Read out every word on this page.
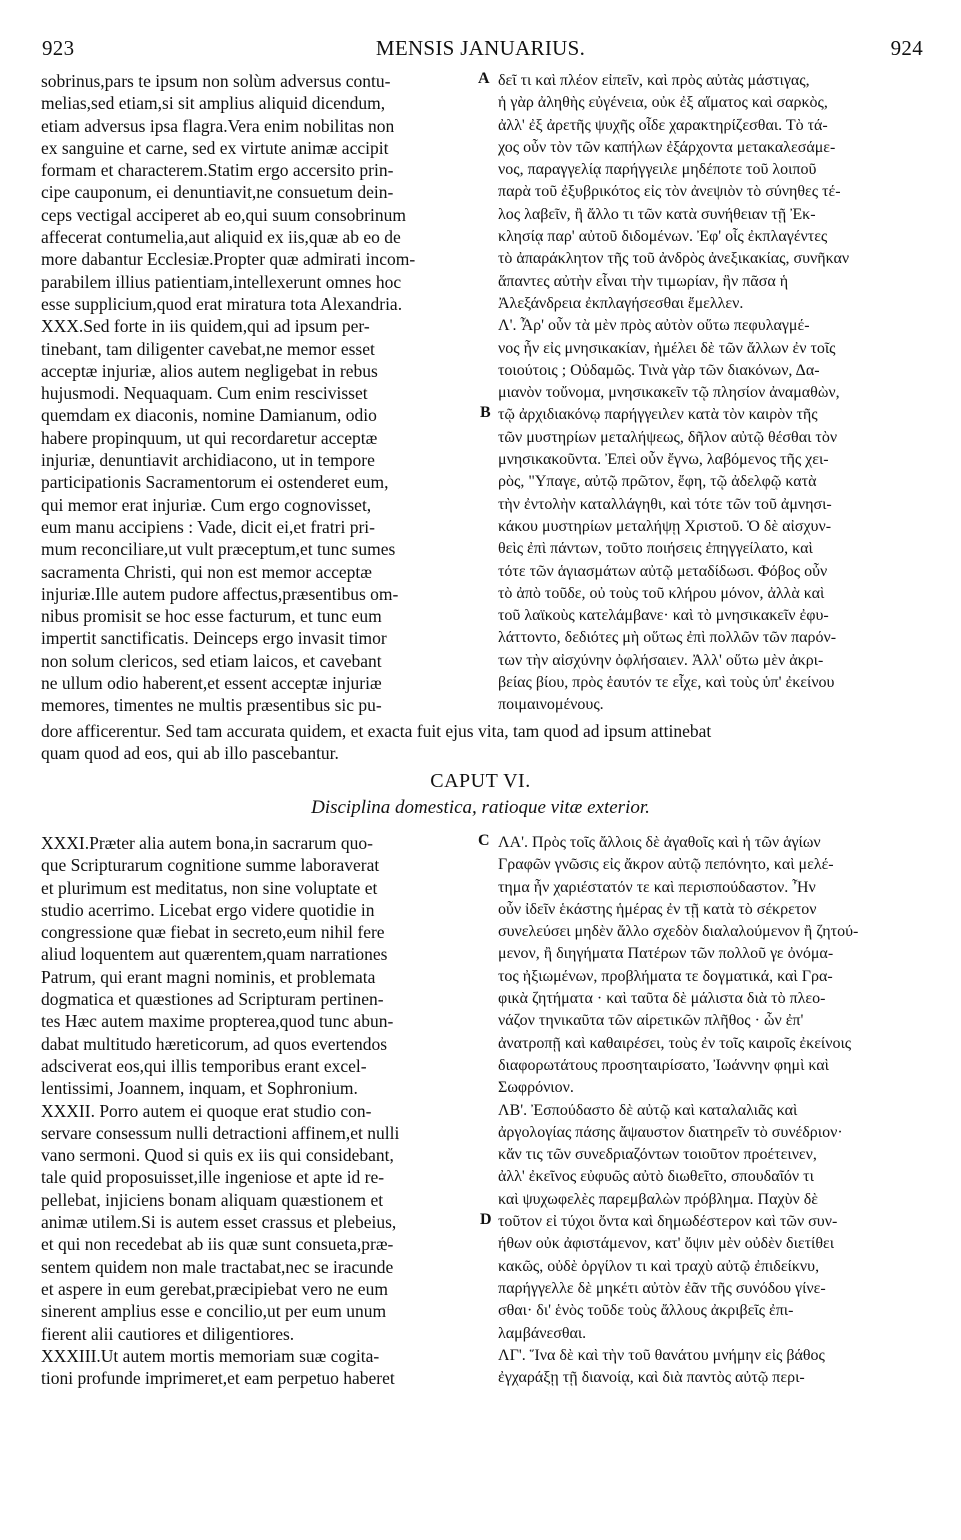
923	MENSIS JANUARIUS.	924
sobrinus,pars te ipsum non solùm adversus contu-
melias,sed etiam,si sit amplius aliquid dicendum,
etiam adversus ipsa flagra.Vera enim nobilitas non
ex sanguine et carne, sed ex virtute animæ accipit
formam et characterem.Statim ergo accersito prin-
cipe cauponum, ei denuntiavit,ne consuetum dein-
ceps vectigal acciperet ab eo,qui suum consobrinum
affecerat contumelia,aut aliquid ex iis,quæ ab eo de
more dabantur Ecclesiæ.Propter quæ admirati incom-
parabilem illius patientiam,intellexerunt omnes hoc
esse supplicium,quod erat miratura tota Alexandria.
XXX.Sed forte in iis quidem,qui ad ipsum per-
tinebant, tam diligenter cavebat,ne memor esset
acceptæ injuriæ, alios autem negligebat in rebus
hujusmodi. Nequaquam. Cum enim rescivisset
quemdam ex diaconis, nomine Damianum, odio
habere propinquum, ut qui recordaretur acceptæ
injuriæ, denuntiavit archidiacono, ut in tempore
participationis Sacramentorum ei ostenderet eum,
qui memor erat injuriæ. Cum ergo cognovisset,
eum manu accipiens : Vade, dicit ei,et fratri pri-
mum reconciliare,ut vult præceptum,et tunc sumes
sacramenta Christi, qui non est memor acceptæ
injuriæ.Ille autem pudore affectus,præsentibus om-
nibus promisit se hoc esse facturum, et tunc eum
impertit sanctificatis. Deinceps ergo invasit timor
non solum clericos, sed etiam laicos, et cavebant
ne ullum odio haberent,et essent acceptæ injuriæ
memores, timentes ne multis præsentibus sic pu-
δεῖ τι καὶ πλέον εἰπεῖν, καὶ πρὸς αὐτὰς μάστιγας,
ἡ γὰρ ἀληθὴς εὐγένεια, οὐκ ἐξ αἵματος καὶ σαρκὸς,
ἀλλ' ἐξ ἀρετῆς ψυχῆς οἶδε χαρακτηρίζεσθαι. Τὸ τά-
χος οὖν τὸν τῶν καπήλων ἐξάρχοντα μετακαλεσάμε-
νος, παραγγελίᾳ παρήγγειλε μηδέποτε τοῦ λοιποῦ
παρὰ τοῦ ἐξυβρικότος εἰς τὸν ἀνεψιὸν τὸ σύνηθες τέ-
λος λαβεῖν, ἢ ἄλλο τι τῶν κατὰ συνήθειαν τῇ Ἐκ-
κλησίᾳ παρ' αὐτοῦ διδομένων. Ἐφ' οἷς ἐκπλαγέντες
τὸ ἀπαράκλητον τῆς τοῦ ἀνδρὸς ἀνεξικακίας, συνῆκαν
ἅπαντες αὐτὴν εἶναι τὴν τιμωρίαν, ἣν πᾶσα ἡ
Ἀλεξάνδρεια ἐκπλαγήσεσθαι ἔμελλεν.
Λ'. Ἆρ' οὖν τὰ μὲν πρὸς αὐτὸν οὕτω πεφυλαγμέ-
νος ἦν εἰς μνησικακίαν, ἠμέλει δὲ τῶν ἄλλων ἐν τοῖς
τοιούτοις ; Οὐδαμῶς. Τινὰ γὰρ τῶν διακόνων, Δα-
μιανὸν τοὔνομα, μνησικακεῖν τῷ πλησίον ἀναμαθὼν,
τῷ ἀρχιδιακόνῳ παρήγγειλεν κατὰ τὸν καιρὸν τῆς
τῶν μυστηρίων μεταλήψεως, δῆλον αὐτῷ θέσθαι τὸν
μνησικακοῦντα. Ἐπεὶ οὖν ἔγνω, λαβόμενος τῆς χει-
ρὸς, "Υπαγε, αὐτῷ πρῶτον, ἔφη, τῷ ἀδελφῷ κατὰ
τὴν ἐντολὴν καταλλάγηθι, καὶ τότε τῶν τοῦ ἀμνησι-
κάκου μυστηρίων μεταλήψῃ Χριστοῦ. Ὁ δὲ αἰσχυν-
θεὶς ἐπὶ πάντων, τοῦτο ποιήσεις ἐπηγγείλατο, καὶ
τότε τῶν ἁγιασμάτων αὐτῷ μεταδίδωσι. Φόβος οὖν
τὸ ἀπὸ τοῦδε, οὐ τοὺς τοῦ κλήρου μόνον, ἀλλὰ καὶ
τοῦ λαϊκοὺς κατελάμβανε· καὶ τὸ μνησικακεῖν ἐφυ-
λάττοντο, δεδιότες μὴ οὕτως ἐπὶ πολλῶν τῶν παρόν-
των τὴν αἰσχύνην ὀφλήσαιεν. Ἀλλ' οὕτω μὲν ἀκρι-
βείας βίου, πρὸς ἑαυτόν τε εἶχε, καὶ τοὺς ὑπ' ἐκείνου
ποιμαινομένους.
A
B
dore afficerentur. Sed tam accurata quidem, et exacta fuit ejus vita, tam quod ad ipsum attinebat
quam quod ad eos, qui ab illo pascebantur.
CAPUT VI.
Disciplina domestica, ratioque vitæ exterior.
XXXI.Præter alia autem bona,in sacrarum quo-
que Scripturarum cognitione summe laboraverat
et plurimum est meditatus, non sine voluptate et
studio acerrimo. Licebat ergo videre quotidie in
congressione quæ fiebat in secreto,eum nihil fere
aliud loquentem aut quærentem,quam narrationes
Patrum, qui erant magni nominis, et problemata
dogmatica et quæstiones ad Scripturam pertinen-
tes Hæc autem maxime propterea,quod tunc abun-
dabat multitudo hæreticorum, ad quos evertendos
adsciverat eos,qui illis temporibus erant excel-
lentissimi, Joannem, inquam, et Sophronium.
XXXII. Porro autem ei quoque erat studio con-
servare consessum nulli detractioni affinem,et nulli
vano sermoni. Quod si quis ex iis qui considebant,
tale quid proposuisset,ille ingeniose et apte id re-
pellebat, injiciens bonam aliquam quæstionem et
animæ utilem.Si is autem esset crassus et plebeius,
et qui non recedebat ab iis quæ sunt consueta,præ-
sentem quidem non male tractabat,nec se iracunde
et aspere in eum gerebat,præcipiebat vero ne eum
sinerent amplius esse e concilio,ut per eum unum
fierent alii cautiores et diligentiores.
XXXIII.Ut autem mortis memoriam suæ cogita-
tioni profunde imprimeret,et eam perpetuo haberet
ΛΑ'. Πρὸς τοῖς ἄλλοις δὲ ἀγαθοῖς καὶ ἡ τῶν ἁγίων
Γραφῶν γνῶσις εἰς ἄκρον αὐτῷ πεπόνητο, καὶ μελέ-
τημα ἦν χαριέστατόν τε καὶ περισπούδαστον. Ἦν
οὖν ἰδεῖν ἑκάστης ἡμέρας ἐν τῇ κατὰ τὸ σέκρετον
συνελεύσει μηδὲν ἄλλο σχεδὸν διαλαλούμενον ἢ ζητού-
μενον, ἢ διηγήματα Πατέρων τῶν πολλοῦ γε ὀνόμα-
τος ἠξιωμένων, προβλήματα τε δογματικά, καὶ Γρα-
φικὰ ζητήματα · καὶ ταῦτα δὲ μάλιστα διὰ τὸ πλεο-
νάζον τηνικαῦτα τῶν αἱρετικῶν πλῆθος · ὧν ἐπ'
ἀνατροπῇ καὶ καθαιρέσει, τοὺς ἐν τοῖς καιροῖς ἐκείνοις
διαφορωτάτους προσηταιρίσατο, Ἰωάννην φημὶ καὶ
Σωφρόνιον.
ΛΒ'. Ἐσπούδαστο δὲ αὐτῷ καὶ καταλαλιᾶς καὶ
ἀργολογίας πάσης ἄψαυστον διατηρεῖν τὸ συνέδριον·
κἄν τις τῶν συνεδριαζόντων τοιοῦτον προέτεινεν,
ἀλλ' ἐκεῖνος εὐφυῶς αὐτὸ διωθεῖτο, σπουδαῖόν τι
καὶ ψυχωφελὲς παρεμβαλὼν πρόβλημα. Παχὺν δὲ
τοῦτον εἰ τύχοι ὄντα καὶ δημωδέστερον καὶ τῶν συν-
ήθων οὐκ ἀφιστάμενον, κατ' ὄψιν μὲν οὐδὲν διετίθει
κακῶς, οὐδὲ ὀργίλον τι καὶ τραχὺ αὐτῷ ἐπιδείκνυ,
παρήγγελλε δὲ μηκέτι αὐτὸν ἐᾶν τῆς συνόδου γίνε-
σθαι· δι' ἑνὸς τοῦδε τοὺς ἄλλους ἀκριβεῖς ἐπι-
λαμβάνεσθαι.
ΛΓ'. Ἵνα δὲ καὶ τὴν τοῦ θανάτου μνήμην εἰς βάθος
ἐγχαράξῃ τῇ διανοίᾳ, καὶ διὰ παντὸς αὐτῷ περι-
C
D
